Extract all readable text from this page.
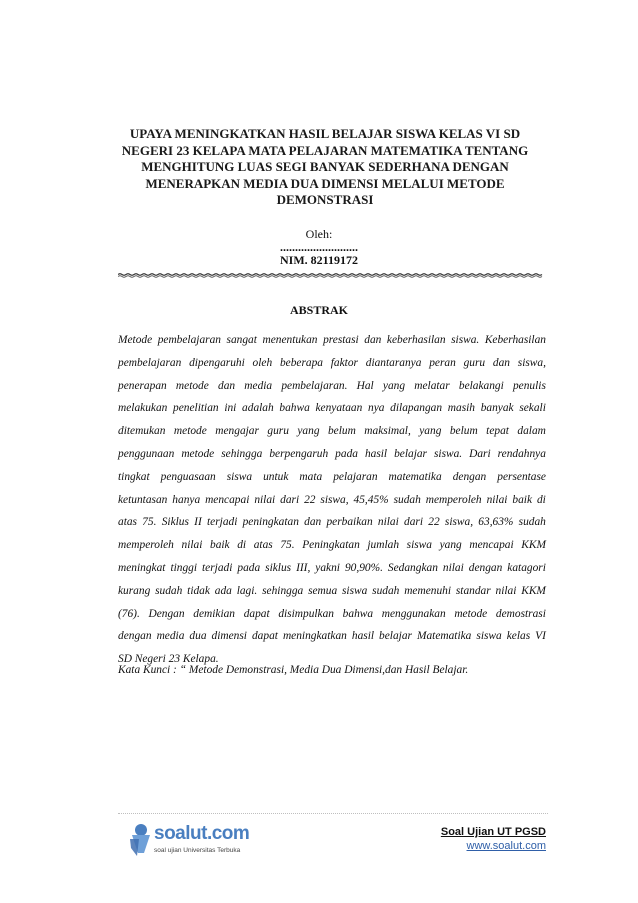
UPAYA MENINGKATKAN HASIL BELAJAR SISWA KELAS VI SD
NEGERI 23 KELAPA MATA PELAJARAN MATEMATIKA TENTANG
MENGHITUNG LUAS SEGI BANYAK SEDERHANA DENGAN
MENERAPKAN MEDIA DUA DIMENSI MELALUI METODE
DEMONSTRASI
Oleh:
..........................
NIM. 82119172
ABSTRAK
Metode pembelajaran sangat menentukan prestasi dan keberhasilan siswa. Keberhasilan
pembelajaran dipengaruhi oleh beberapa faktor diantaranya peran guru dan siswa,
penerapan metode dan media pembelajaran. Hal yang melatar belakangi penulis
melakukan penelitian ini adalah bahwa kenyataan nya dilapangan masih banyak sekali
ditemukan metode mengajar guru yang belum maksimal, yang belum tepat dalam
penggunaan metode sehingga berpengaruh pada hasil belajar siswa. Dari rendahnya
tingkat penguasaan siswa untuk mata pelajaran matematika dengan persentase
ketuntasan hanya mencapai nilai dari 22 siswa, 45,45% sudah memperoleh nilai baik di
atas 75. Siklus II terjadi peningkatan dan perbaikan nilai dari 22 siswa, 63,63% sudah
memperoleh nilai baik di atas 75. Peningkatan jumlah siswa yang mencapai KKM
meningkat tinggi terjadi pada siklus III, yakni 90,90%. Sedangkan nilai dengan katagori
kurang sudah tidak ada lagi. sehingga semua siswa sudah memenuhi standar nilai KKM
(76). Dengan demikian dapat disimpulkan bahwa menggunakan metode demostrasi
dengan media dua dimensi dapat meningkatkan hasil belajar Matematika siswa kelas VI
SD Negeri 23 Kelapa.
Kata Kunci : “ Metode Demonstrasi, Media Dua Dimensi,dan Hasil Belajar.
soalut.com
soal ujian Universitas Terbuka
Soal Ujian UT PGSD
www.soalut.com
